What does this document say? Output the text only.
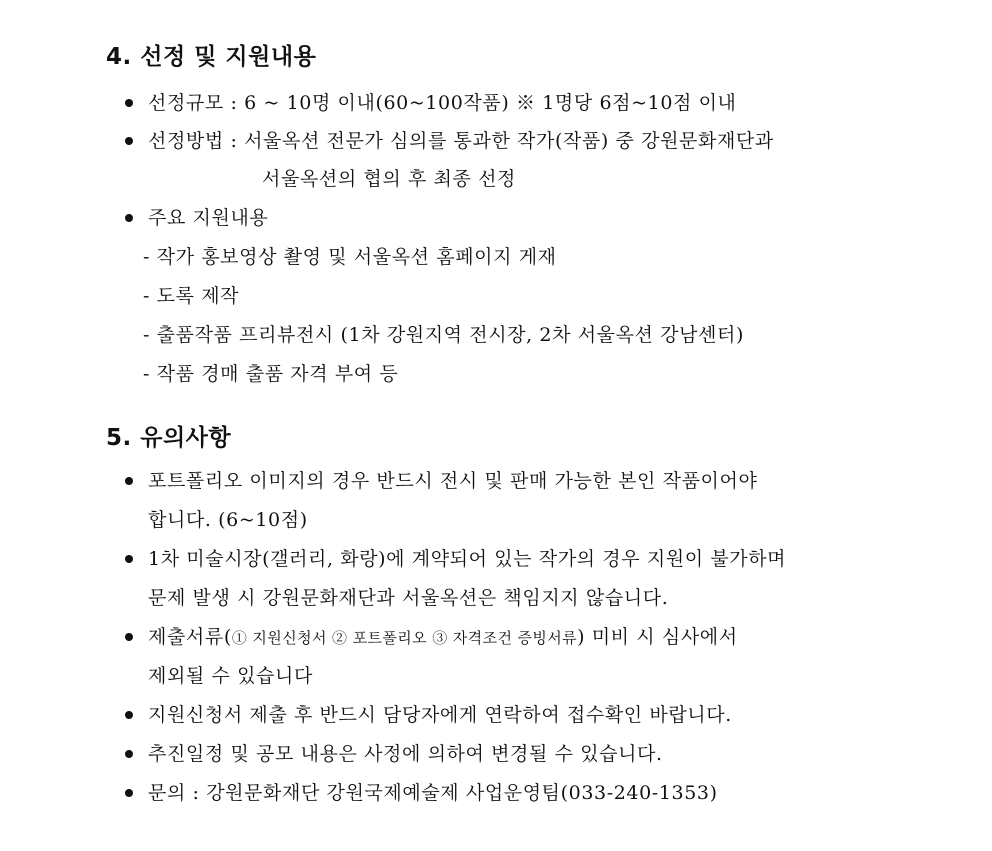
4. 선정 및 지원내용

선정규모 : 6 ~ 10명 이내(60~100작품) ※ 1명당 6점~10점 이내

선정방법 : 서울옥션 전문가 심의를 통과한 작가(작품) 중 강원문화재단과

서울옥션의 협의 후 최종 선정

주요 지원내용

- 작가 홍보영상 촬영 및 서울옥션 홈페이지 게재

- 도록 제작

- 출품작품 프리뷰전시 (1차 강원지역 전시장, 2차 서울옥션 강남센터)

- 작품 경매 출품 자격 부여 등

5. 유의사항

포트폴리오 이미지의 경우 반드시 전시 및 판매 가능한 본인 작품이어야

합니다. (6~10점)

1차 미술시장(갤러리, 화랑)에 계약되어 있는 작가의 경우 지원이 불가하며

문제 발생 시 강원문화재단과 서울옥션은 책임지지 않습니다.

제출서류(① 지원신청서 ② 포트폴리오 ③ 자격조건 증빙서류) 미비 시 심사에서

제외될 수 있습니다

지원신청서 제출 후 반드시 담당자에게 연락하여 접수확인 바랍니다.

추진일정 및 공모 내용은 사정에 의하여 변경될 수 있습니다.

문의 : 강원문화재단 강원국제예술제 사업운영팀(033-240-1353)
